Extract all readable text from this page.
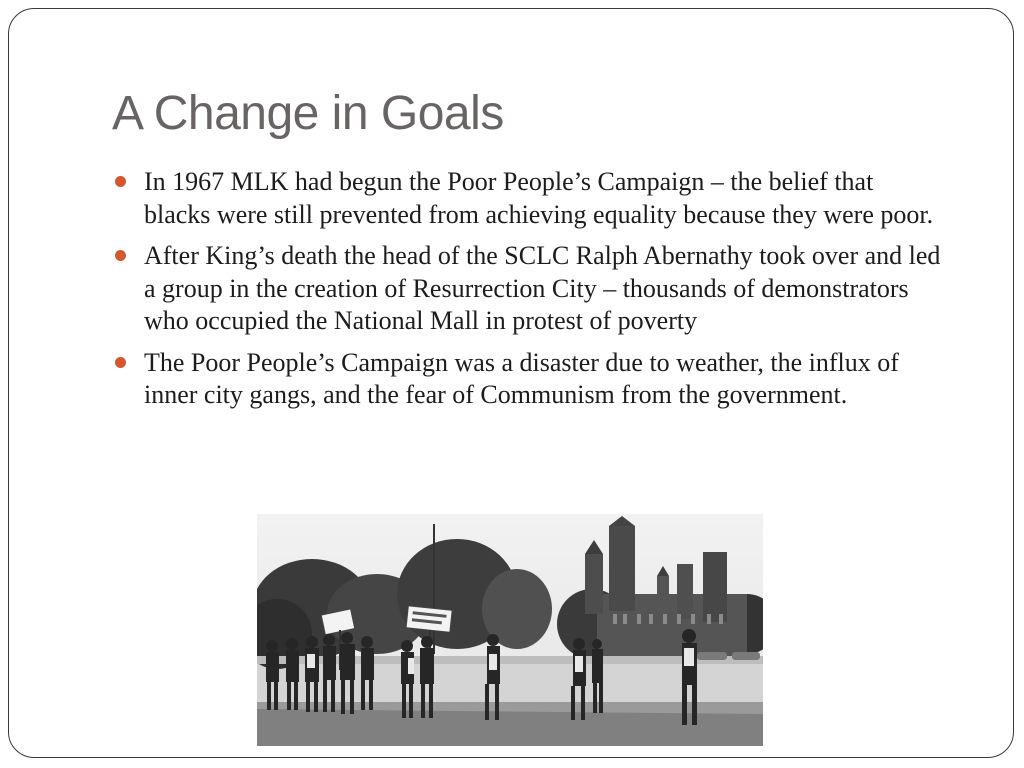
A Change in Goals
In 1967 MLK had begun the Poor People’s Campaign – the belief that blacks were still prevented from achieving equality because they were poor.
After King’s death the head of the SCLC Ralph Abernathy took over and led a group in the creation of Resurrection City – thousands of demonstrators who occupied the National Mall in protest of poverty
The Poor People’s Campaign was a disaster due to weather, the influx of inner city gangs, and the fear of Communism from the government.
